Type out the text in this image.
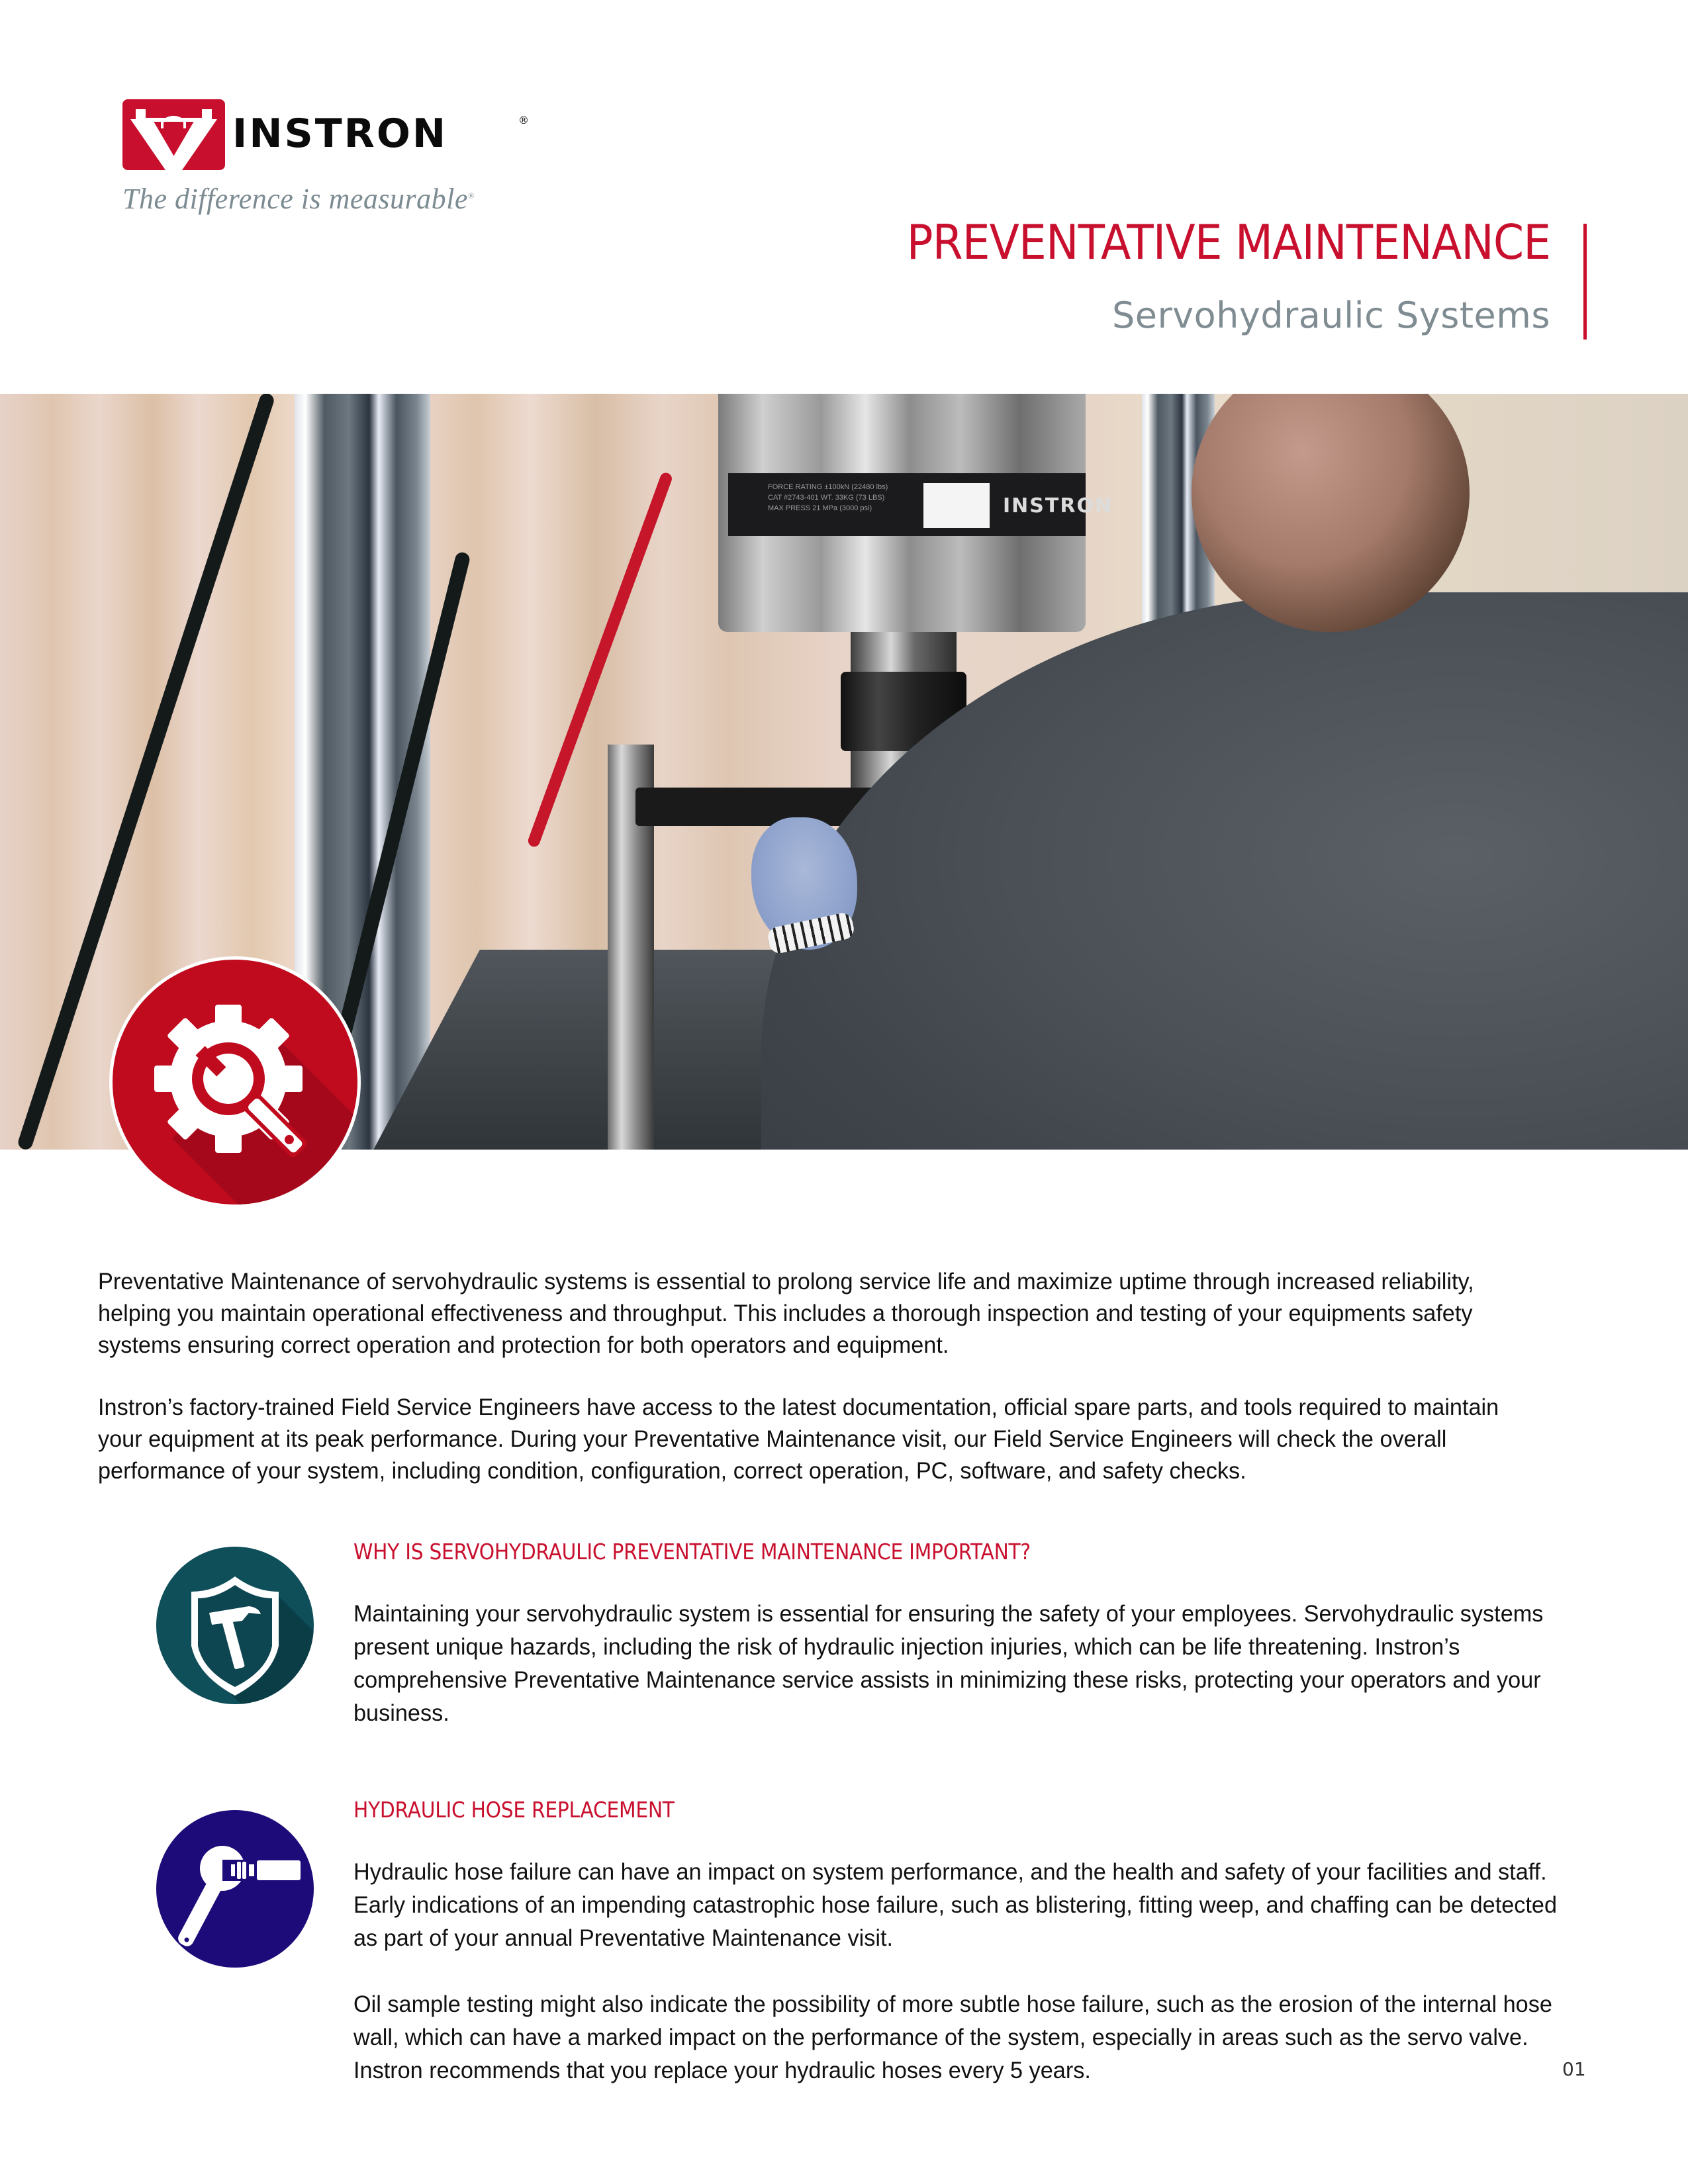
INSTRON	®
The difference is measurable®
PREVENTATIVE MAINTENANCE
Servohydraulic Systems
FORCE RATING ±100kN (22480 lbs)
CAT #2743-401 WT. 33KG (73 LBS)
MAX PRESS 21 MPa (3000 psi)	INSTRON

Preventative Maintenance of servohydraulic systems is essential to prolong service life and maximize uptime through increased reliability, helping you maintain operational effectiveness and throughput. This includes a thorough inspection and testing of your equipments safety systems ensuring correct operation and protection for both operators and equipment.

Instron’s factory-trained Field Service Engineers have access to the latest documentation, official spare parts, and tools required to maintain your equipment at its peak performance. During your Preventative Maintenance visit, our Field Service Engineers will check the overall performance of your system, including condition, configuration, correct operation, PC, software, and safety checks.

WHY IS SERVOHYDRAULIC PREVENTATIVE MAINTENANCE IMPORTANT?

Maintaining your servohydraulic system is essential for ensuring the safety of your employees. Servohydraulic systems present unique hazards, including the risk of hydraulic injection injuries, which can be life threatening. Instron’s comprehensive Preventative Maintenance service assists in minimizing these risks, protecting your operators and your business.

HYDRAULIC HOSE REPLACEMENT

Hydraulic hose failure can have an impact on system performance, and the health and safety of your facilities and staff. Early indications of an impending catastrophic hose failure, such as blistering, fitting weep, and chaffing can be detected as part of your annual Preventative Maintenance visit.

Oil sample testing might also indicate the possibility of more subtle hose failure, such as the erosion of the internal hose wall, which can have a marked impact on the performance of the system, especially in areas such as the servo valve. Instron recommends that you replace your hydraulic hoses every 5 years.	01
